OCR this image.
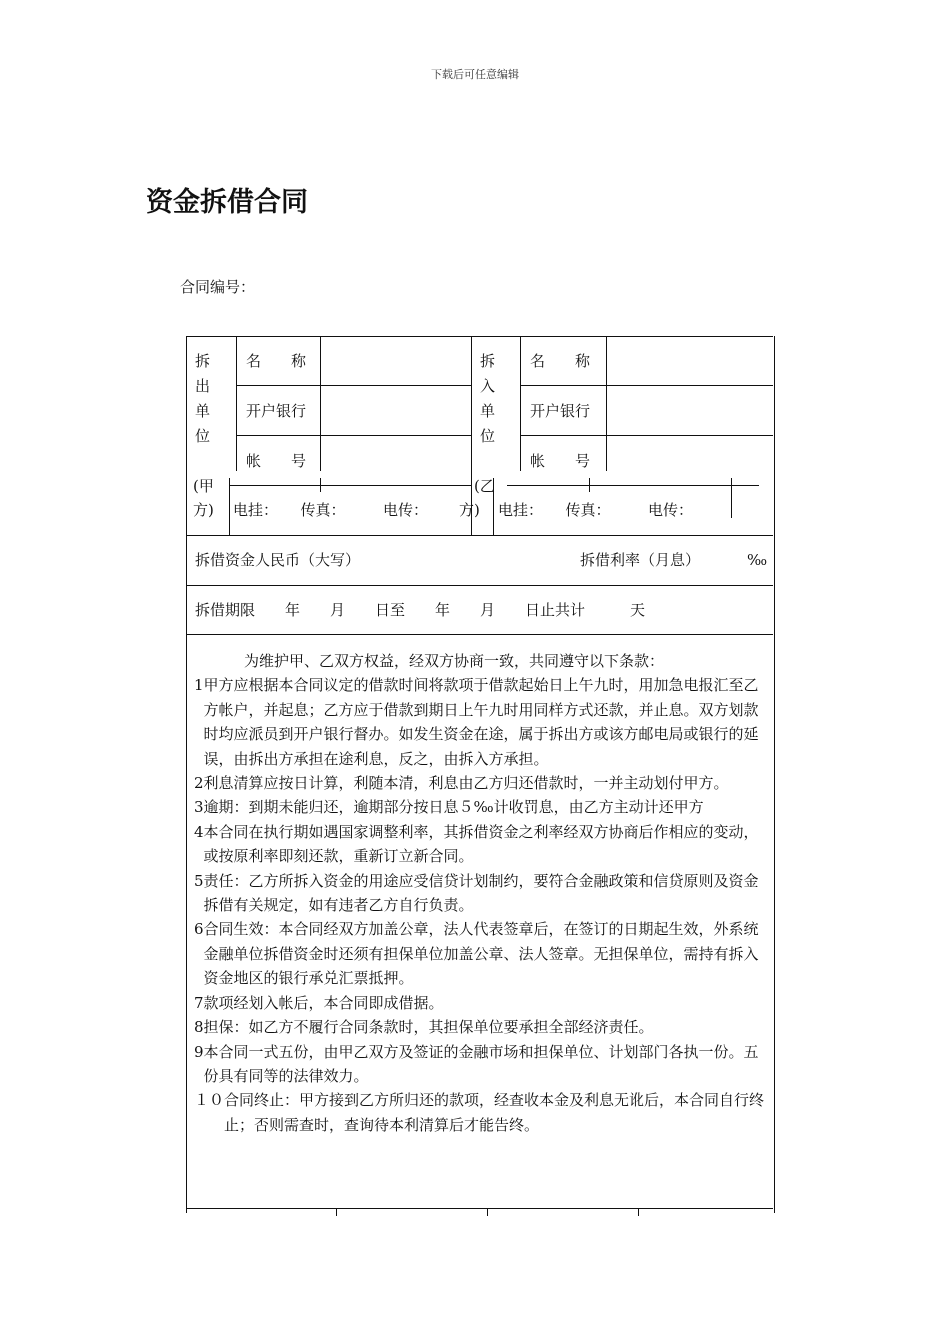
下载后可任意编辑
资金拆借合同
合同编号：
拆
出
单
位
(甲
方)
名　　称
开户银行
帐　　号
电挂：　　传真：　　　电传：
拆
入
单
位
(乙
方)
名　　称
开户银行
帐　　号
电挂：　　传真：　　　电传：
拆借资金人民币（大写）	拆借利率（月息）	‰
拆借期限　　年　　月　　日至　　年　　月　　日止共计　　　天
为维护甲、乙双方权益，经双方协商一致，共同遵守以下条款：
1 甲方应根据本合同议定的借款时间将款项于借款起始日上午九时，用加急电报汇至乙方帐户，并起息；乙方应于借款到期日上午九时用同样方式还款，并止息。双方划款时均应派员到开户银行督办。如发生资金在途，属于拆出方或该方邮电局或银行的延误，由拆出方承担在途利息，反之，由拆入方承担。
2 利息清算应按日计算，利随本清，利息由乙方归还借款时，一并主动划付甲方。
3 逾期：到期未能归还，逾期部分按日息５‰计收罚息，由乙方主动计还甲方
4 本合同在执行期如遇国家调整利率，其拆借资金之利率经双方协商后作相应的变动，或按原利率即刻还款，重新订立新合同。
5 责任：乙方所拆入资金的用途应受信贷计划制约，要符合金融政策和信贷原则及资金拆借有关规定，如有违者乙方自行负责。
6 合同生效：本合同经双方加盖公章，法人代表签章后，在签订的日期起生效，外系统金融单位拆借资金时还须有担保单位加盖公章、法人签章。无担保单位，需持有拆入资金地区的银行承兑汇票抵押。
7 款项经划入帐后，本合同即成借据。
8 担保：如乙方不履行合同条款时，其担保单位要承担全部经济责任。
9 本合同一式五份，由甲乙双方及签证的金融市场和担保单位、计划部门各执一份。五份具有同等的法律效力。
１０ 合同终止：甲方接到乙方所归还的款项，经查收本金及利息无讹后，本合同自行终止；否则需查时，查询待本利清算后才能告终。
